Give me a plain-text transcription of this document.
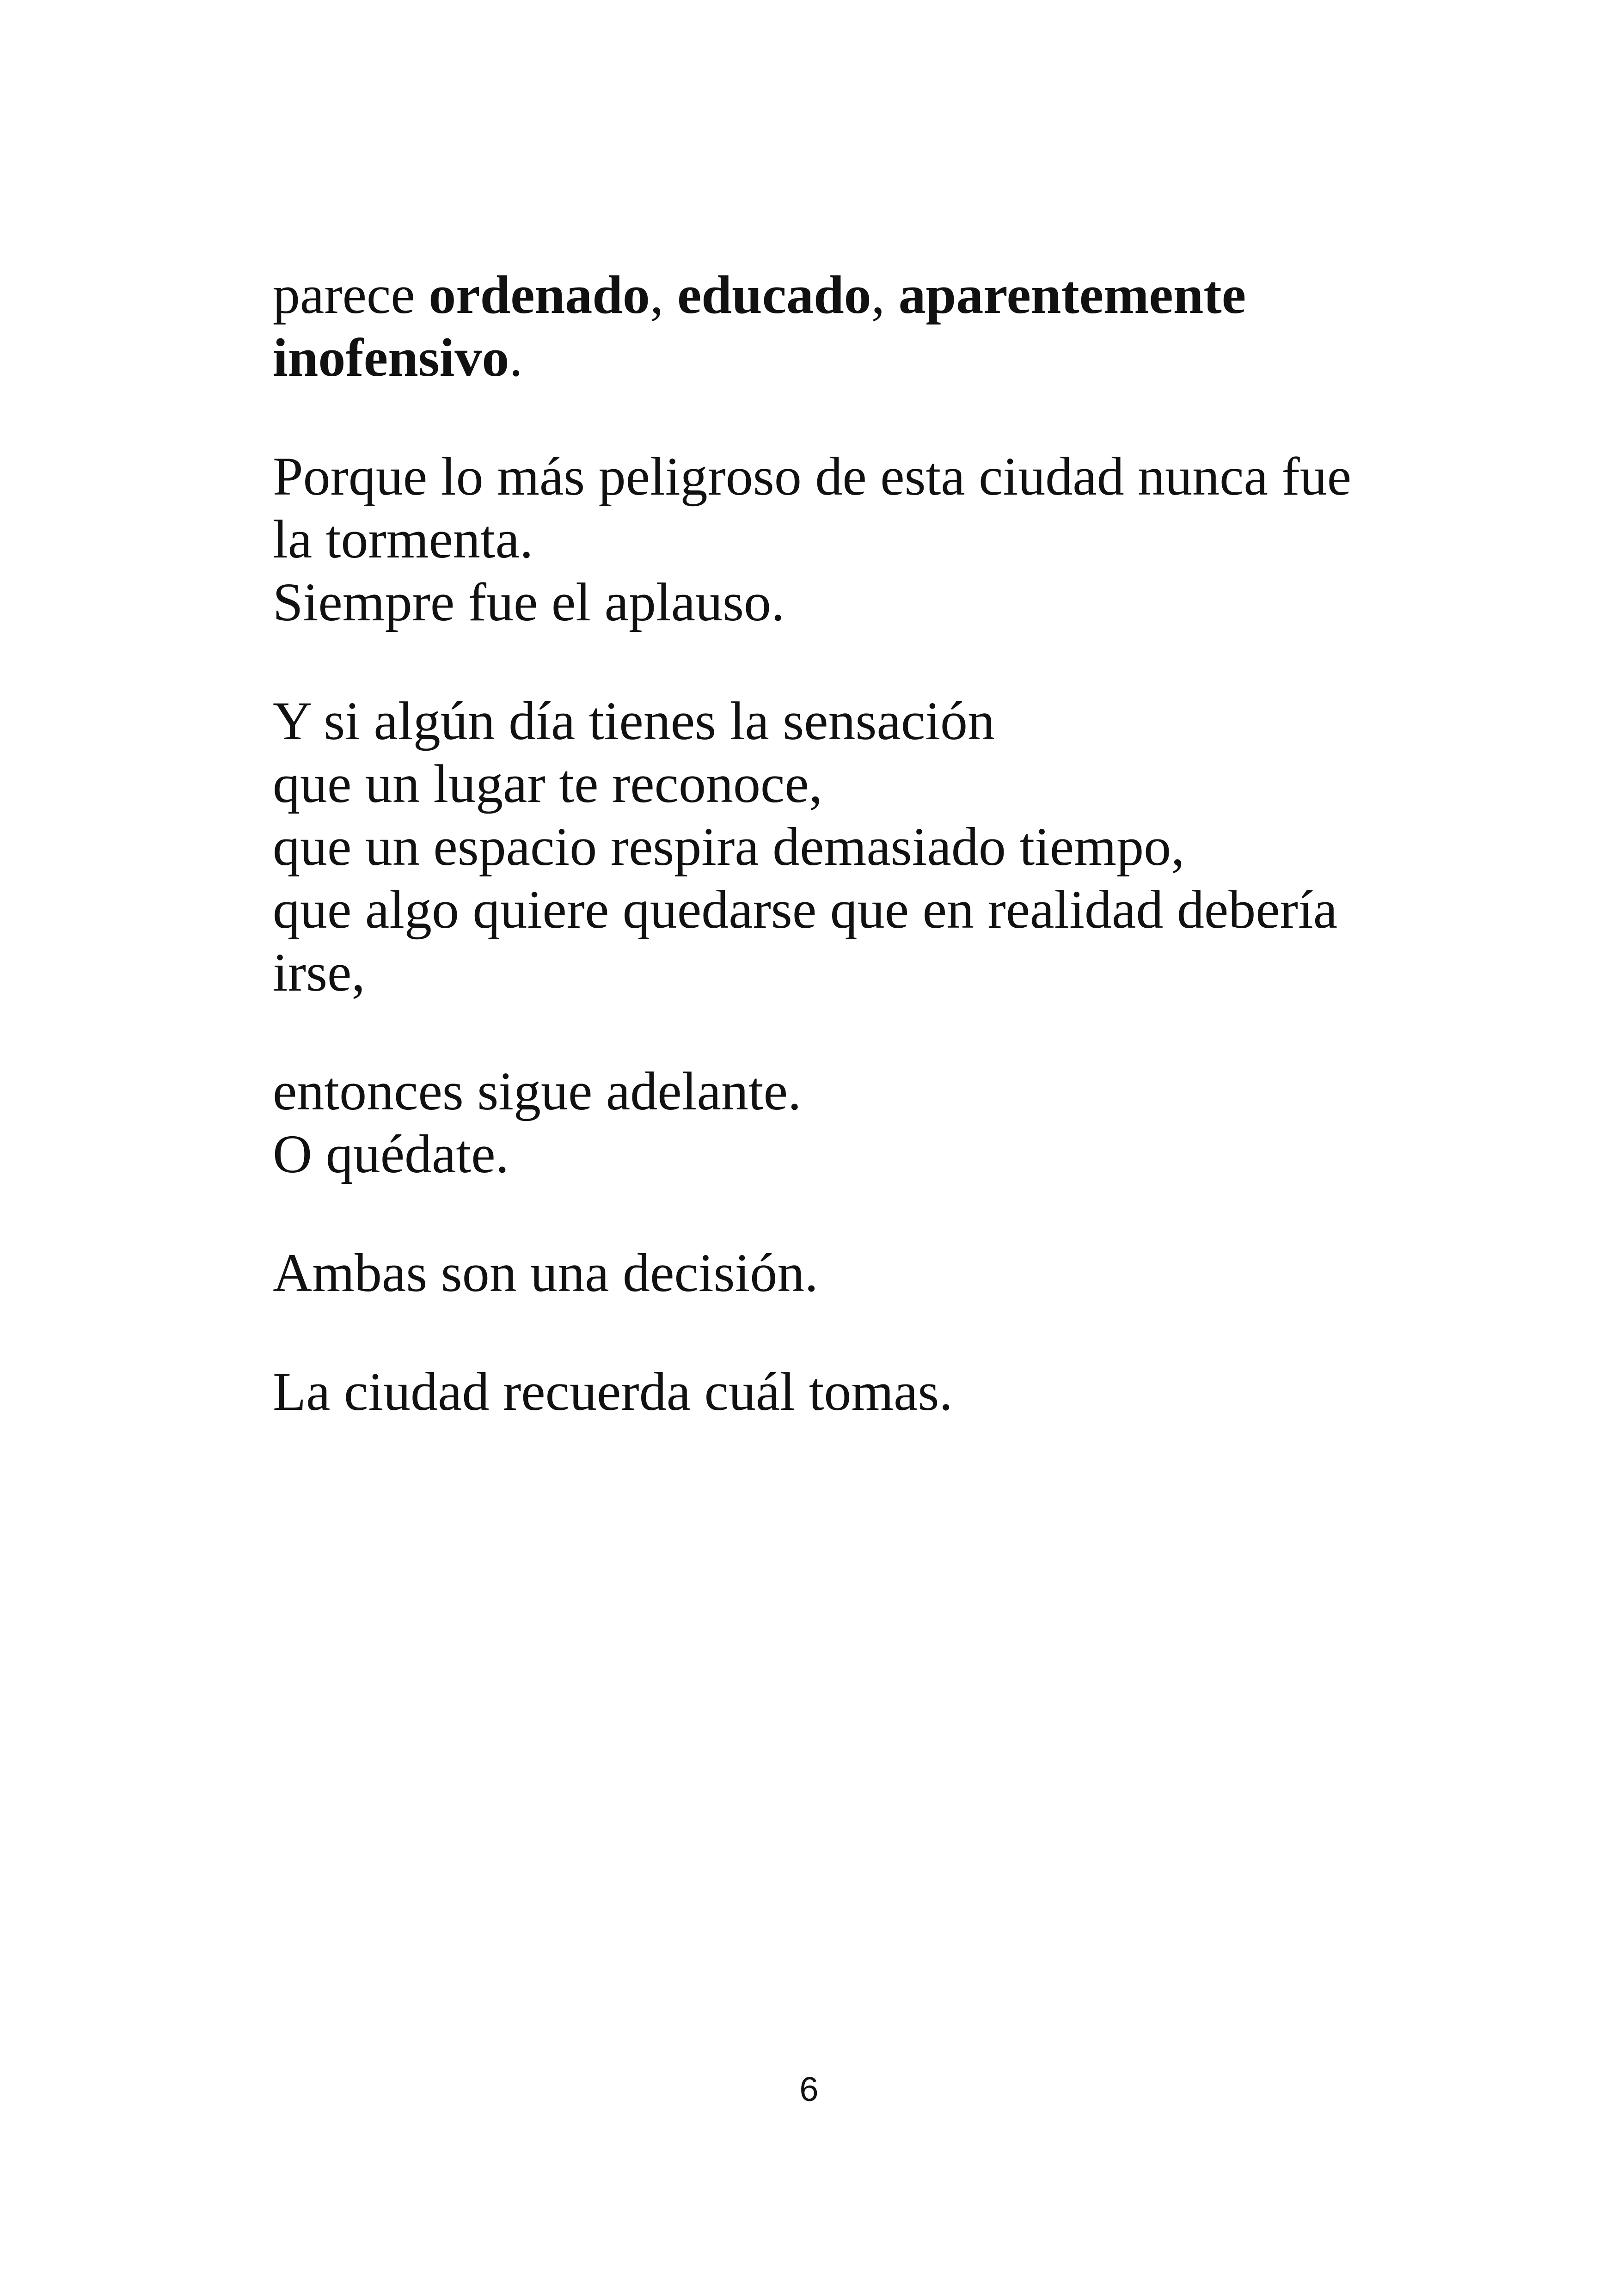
parece ordenado, educado, aparentemente
inofensivo.

Porque lo más peligroso de esta ciudad nunca fue
la tormenta.
Siempre fue el aplauso.

Y si algún día tienes la sensación
que un lugar te reconoce,
que un espacio respira demasiado tiempo,
que algo quiere quedarse que en realidad debería
irse,

entonces sigue adelante.
O quédate.

Ambas son una decisión.

La ciudad recuerda cuál tomas.

6
